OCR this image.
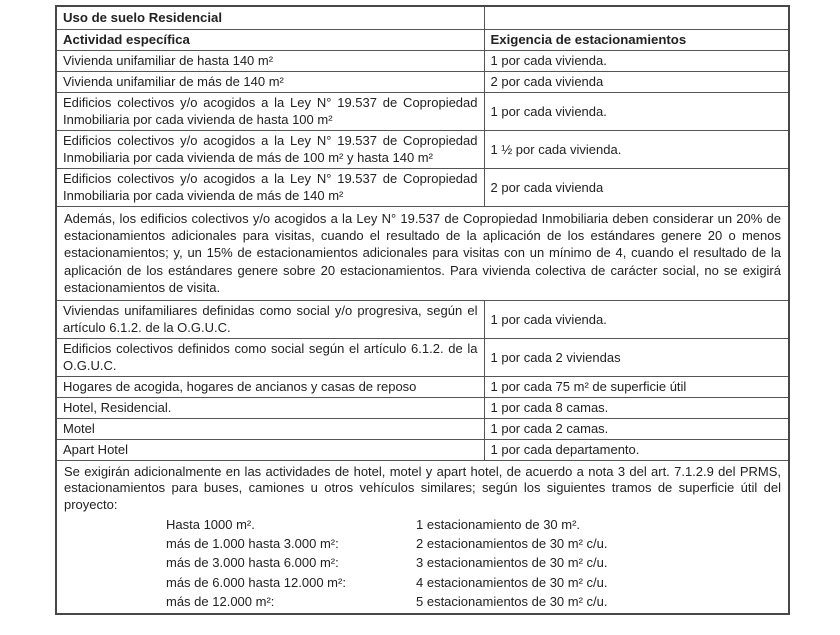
Uso de suelo Residencial	
Actividad específica	Exigencia de estacionamientos
Vivienda unifamiliar de hasta 140 m²	1 por cada vivienda.
Vivienda unifamiliar de más de 140 m²	2 por cada vivienda
Edificios colectivos y/o acogidos a la Ley N° 19.537 de Copropiedad Inmobiliaria por cada vivienda de hasta 100 m²	1 por cada vivienda.
Edificios colectivos y/o acogidos a la Ley N° 19.537 de Copropiedad Inmobiliaria por cada vivienda de más de 100 m² y hasta 140 m²	1 ½ por cada vivienda.
Edificios colectivos y/o acogidos a la Ley N° 19.537 de Copropiedad Inmobiliaria por cada vivienda de más de 140 m²	2 por cada vivienda
Además, los edificios colectivos y/o acogidos a la Ley N° 19.537 de Copropiedad Inmobiliaria deben considerar un 20% de estacionamientos adicionales para visitas, cuando el resultado de la aplicación de los estándares genere 20 o menos estacionamientos; y, un 15% de estacionamientos adicionales para visitas con un mínimo de 4, cuando el resultado de la aplicación de los estándares genere sobre 20 estacionamientos. Para vivienda colectiva de carácter social, no se exigirá estacionamientos de visita.	
Viviendas unifamiliares definidas como social y/o progresiva, según el artículo 6.1.2. de la O.G.U.C.	1 por cada vivienda.
Edificios colectivos definidos como social según el artículo 6.1.2. de la O.G.U.C.	1 por cada 2 viviendas
Hogares de acogida, hogares de ancianos y casas de reposo	1 por cada 75 m² de superficie útil
Hotel, Residencial.	1 por cada 8 camas.
Motel	1 por cada 2 camas.
Apart Hotel	1 por cada departamento.

Se exigirán adicionalmente en las actividades de hotel, motel y apart hotel, de acuerdo a nota 3 del art. 7.1.2.9 del PRMS, estacionamientos para buses, camiones u otros vehículos similares; según los siguientes tramos de superficie útil del proyecto:

Hasta 1000 m².	1 estacionamiento de 30 m².
más de 1.000 hasta 3.000 m²:	2 estacionamientos de 30 m² c/u.
más de 3.000 hasta 6.000 m²:	3 estacionamientos de 30 m² c/u.
más de 6.000 hasta 12.000 m²:	4 estacionamientos de 30 m² c/u.
más de 12.000 m²:	5 estacionamientos de 30 m² c/u.
